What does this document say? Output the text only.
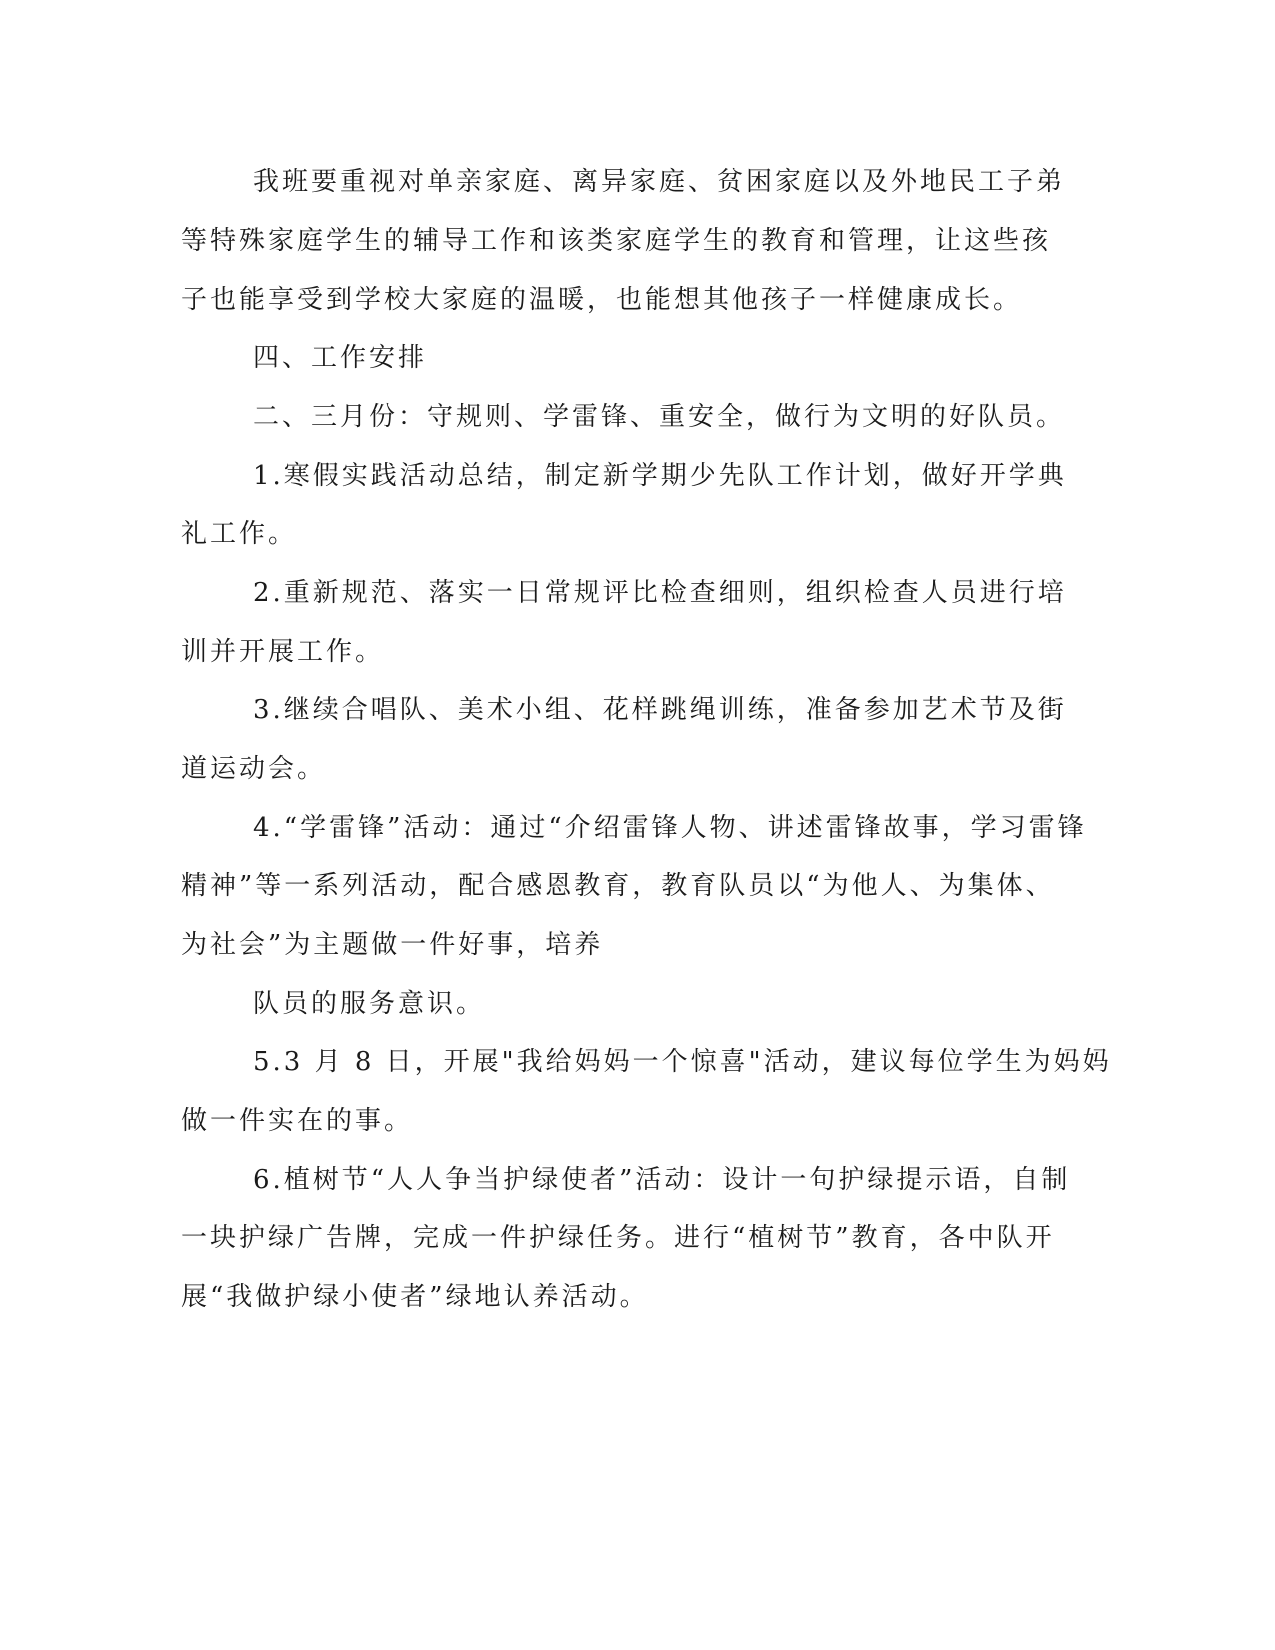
我班要重视对单亲家庭、离异家庭、贫困家庭以及外地民工子弟
等特殊家庭学生的辅导工作和该类家庭学生的教育和管理，让这些孩
子也能享受到学校大家庭的温暖，也能想其他孩子一样健康成长。
四、工作安排
二、三月份：守规则、学雷锋、重安全，做行为文明的好队员。
1.寒假实践活动总结，制定新学期少先队工作计划，做好开学典
礼工作。
2.重新规范、落实一日常规评比检查细则，组织检查人员进行培
训并开展工作。
3.继续合唱队、美术小组、花样跳绳训练，准备参加艺术节及街
道运动会。
4.“学雷锋”活动：通过“介绍雷锋人物、讲述雷锋故事，学习雷锋
精神”等一系列活动，配合感恩教育，教育队员以“为他人、为集体、
为社会”为主题做一件好事，培养
队员的服务意识。
5.3 月 8 日，开展"我给妈妈一个惊喜"活动，建议每位学生为妈妈
做一件实在的事。
6.植树节“人人争当护绿使者”活动：设计一句护绿提示语，自制
一块护绿广告牌，完成一件护绿任务。进行“植树节”教育，各中队开
展“我做护绿小使者”绿地认养活动。
